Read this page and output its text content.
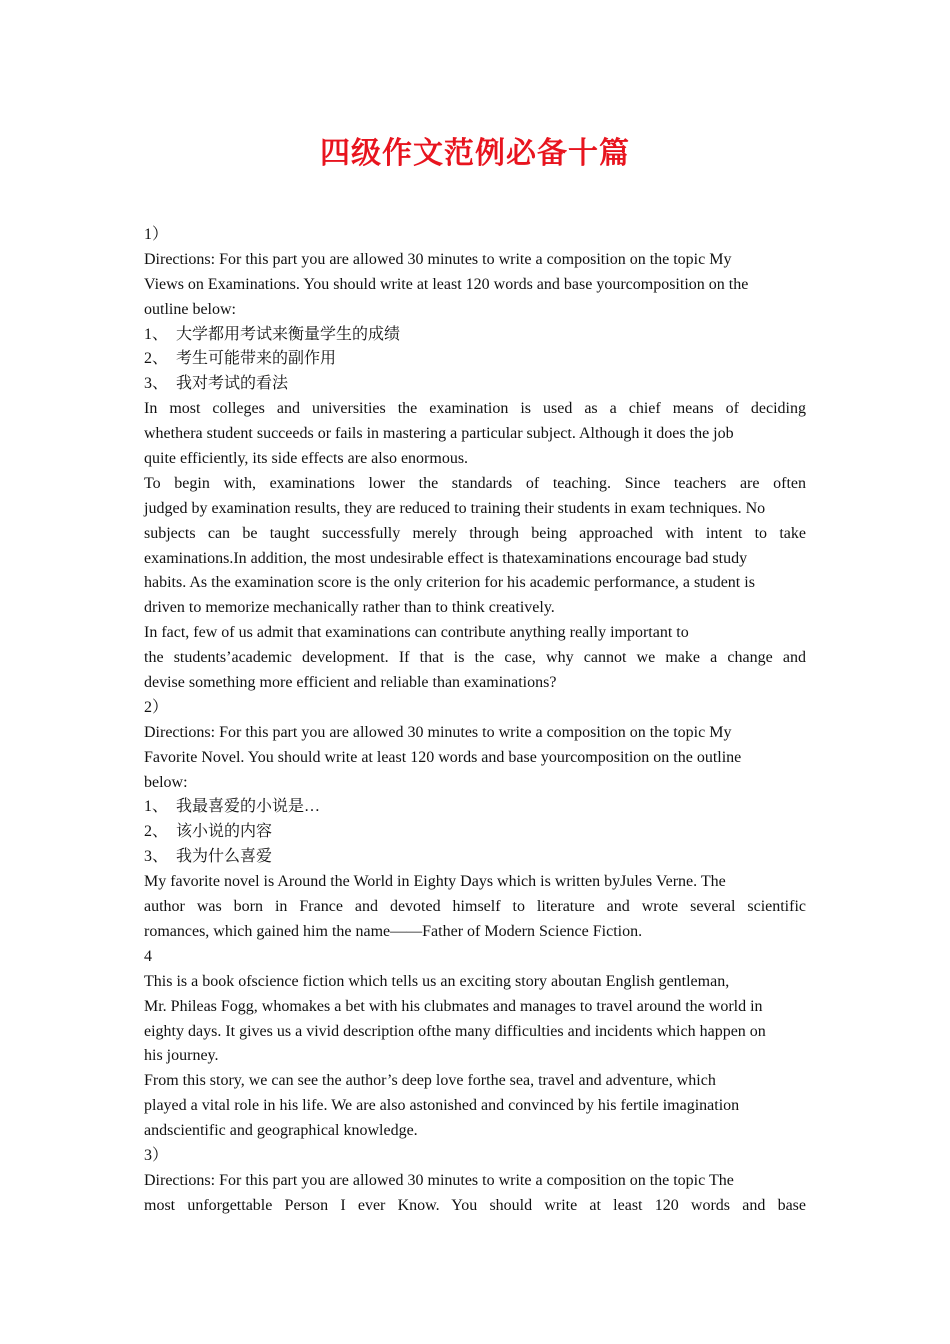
四级作文范例必备十篇
1）
Directions: For this part you are allowed 30 minutes to write a composition on the topic My
Views on Examinations. You should write at least 120 words and base yourcomposition on the
outline below:
1、  大学都用考试来衡量学生的成绩
2、  考生可能带来的副作用
3、  我对考试的看法
In most colleges and universities the examination is used as a chief means of deciding
whethera student succeeds or fails in mastering a particular subject. Although it does the job
quite efficiently, its side effects are also enormous.
To begin with, examinations lower the standards of teaching. Since teachers are often
judged by examination results, they are reduced to training their students in exam techniques. No
subjects can be taught successfully merely through being approached with intent to take
examinations.In addition, the most undesirable effect is thatexaminations encourage bad study
habits. As the examination score is the only criterion for his academic performance, a student is
driven to memorize mechanically rather than to think creatively.
In fact, few of us admit that examinations can contribute anything really important to
the students’academic development. If that is the case, why cannot we make a change and
devise something more efficient and reliable than examinations?
2）
Directions: For this part you are allowed 30 minutes to write a composition on the topic My
Favorite Novel. You should write at least 120 words and base yourcomposition on the outline
below:
1、  我最喜爱的小说是…
2、  该小说的内容
3、  我为什么喜爱
My favorite novel is Around the World in Eighty Days which is written byJules Verne. The
author was born in France and devoted himself to literature and wrote several scientific
romances, which gained him the name——Father of Modern Science Fiction.
4
This is a book ofscience fiction which tells us an exciting story aboutan English gentleman,
Mr. Phileas Fogg, whomakes a bet with his clubmates and manages to travel around the world in
eighty days. It gives us a vivid description ofthe many difficulties and incidents which happen on
his journey.
From this story, we can see the author’s deep love forthe sea, travel and adventure, which
played a vital role in his life. We are also astonished and convinced by his fertile imagination
andscientific and geographical knowledge.
3）
Directions: For this part you are allowed 30 minutes to write a composition on the topic The
most unforgettable Person I ever Know. You should write at least 120 words and base
